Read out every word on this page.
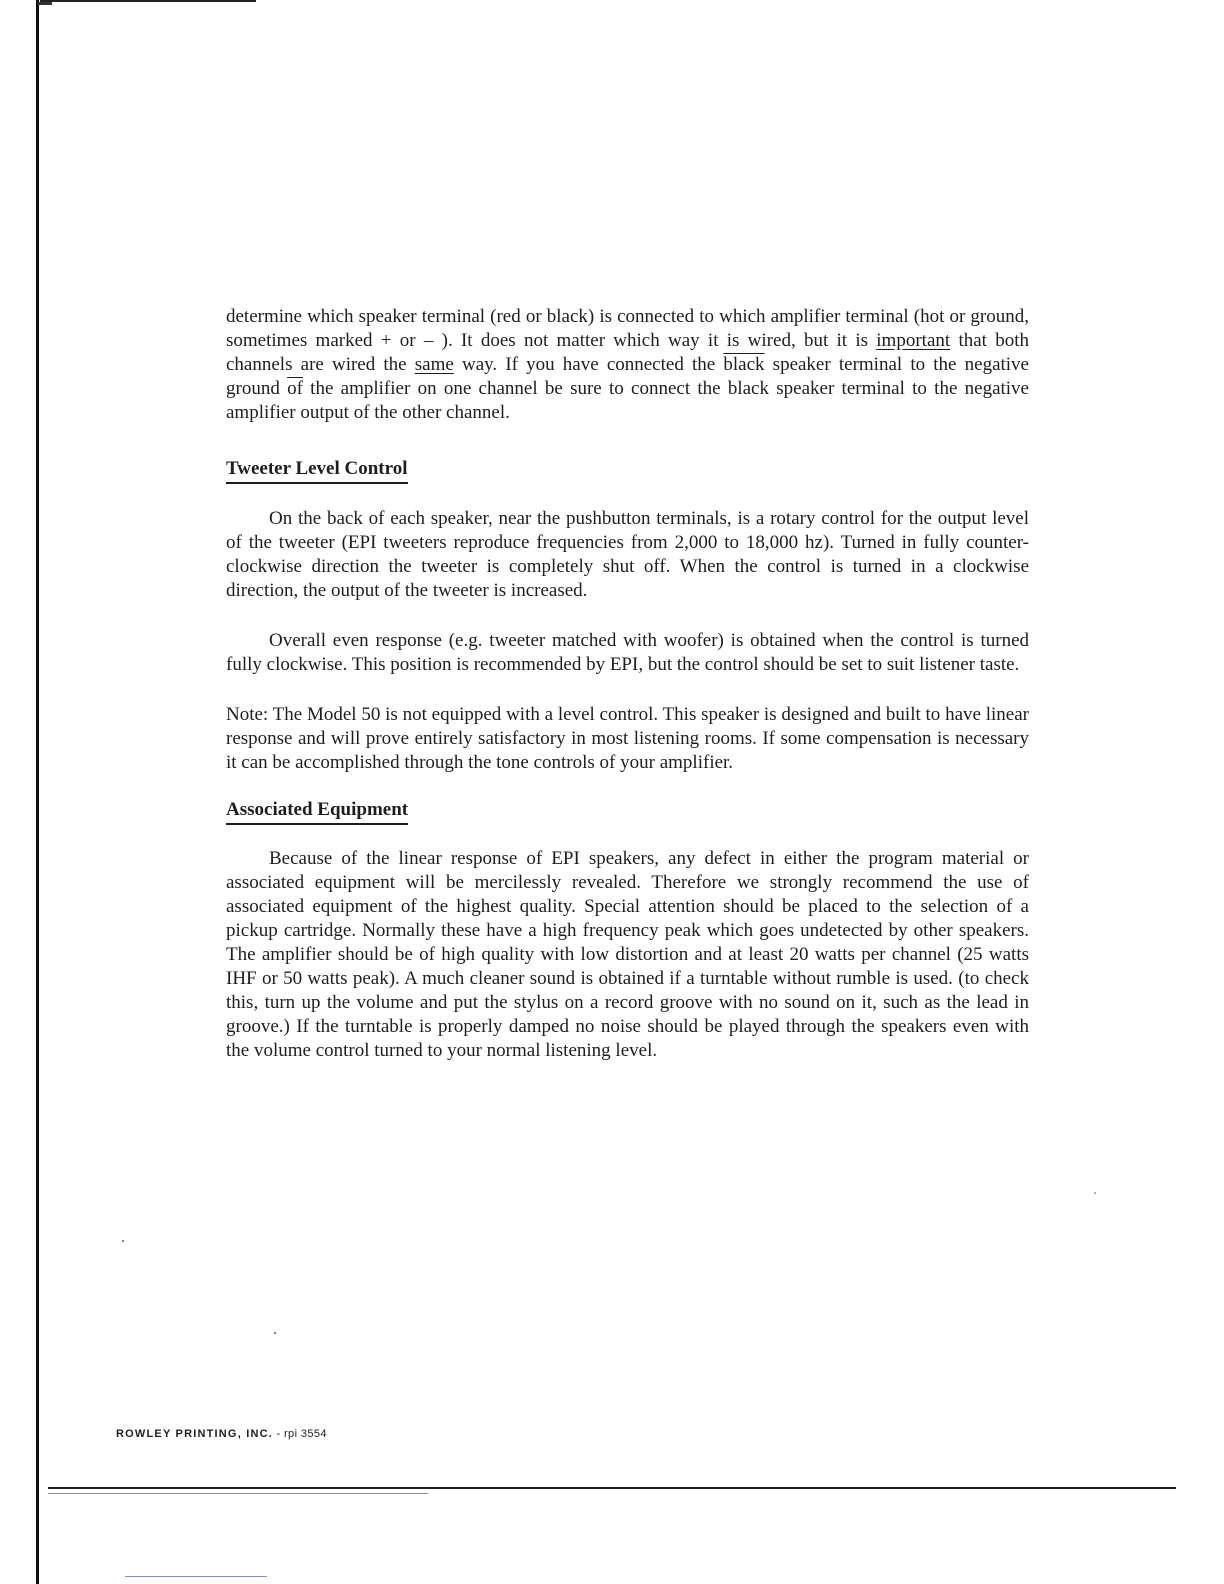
determine which speaker terminal (red or black) is connected to which amplifier terminal (hot or ground, sometimes marked + or – ). It does not matter which way it is wired, but it is important that both channels are wired the same way. If you have connected the black speaker terminal to the negative ground $\overline{of}$ the amplifier on one channel be sure to connect the black speaker terminal to the negative amplifier output of the other channel.

Tweeter Level Control

On the back of each speaker, near the pushbutton terminals, is a rotary control for the output level of the tweeter (EPI tweeters reproduce frequencies from 2,000 to 18,000 hz). Turned in fully counter-clockwise direction the tweeter is completely shut off. When the control is turned in a clockwise direction, the output of the tweeter is increased.

Overall even response (e.g. tweeter matched with woofer) is obtained when the control is turned fully clockwise. This position is recommended by EPI, but the control should be set to suit listener taste.

Note: The Model 50 is not equipped with a level control. This speaker is designed and built to have linear response and will prove entirely satisfactory in most listening rooms. If some compensation is necessary it can be accomplished through the tone controls of your amplifier.

Associated Equipment

Because of the linear response of EPI speakers, any defect in either the program material or associated equipment will be mercilessly revealed. Therefore we strongly recommend the use of associated equipment of the highest quality. Special attention should be placed to the selection of a pickup cartridge. Normally these have a high frequency peak which goes undetected by other speakers. The amplifier should be of high quality with low distortion and at least 20 watts per channel (25 watts IHF or 50 watts peak). A much cleaner sound is obtained if a turntable without rumble is used. (to check this, turn up the volume and put the stylus on a record groove with no sound on it, such as the lead in groove.) If the turntable is properly damped no noise should be played through the speakers even with the volume control turned to your normal listening level.

ROWLEY PRINTING, INC. - rpi 3554
